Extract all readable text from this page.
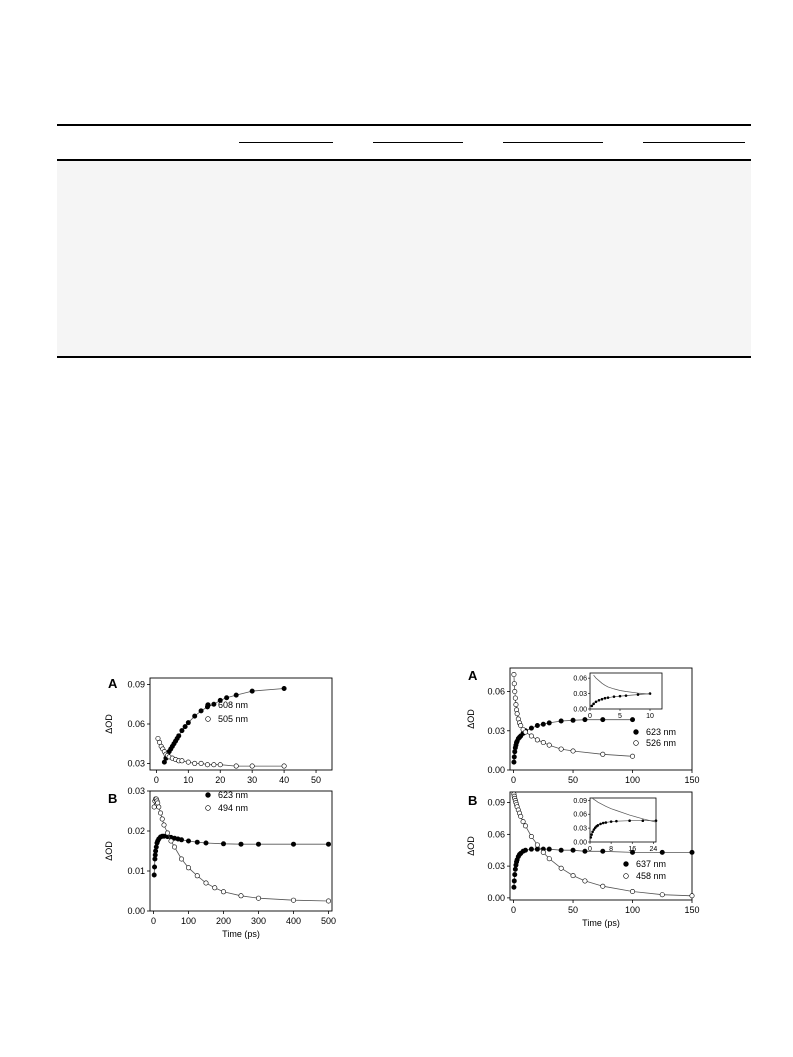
A
0	10 20 30 40 50
0.03
0.06
0.09
ΔOD
608 nm
505 nm
B
0	100 200 300 400 500
0.00
0.01
0.02
0.03
ΔOD
Time (ps)
623 nm
494 nm
A
0	50	100	150
0.00
0.03
0.06
ΔOD
623 nm
526 nm
0	5	10
0.00
0.03
0.06
B
0	50	100	150
0.00
0.03
0.06
0.09
ΔOD
Time (ps)
637 nm
458 nm
0 8 16 24
0.00
0.03
0.06
0.09
